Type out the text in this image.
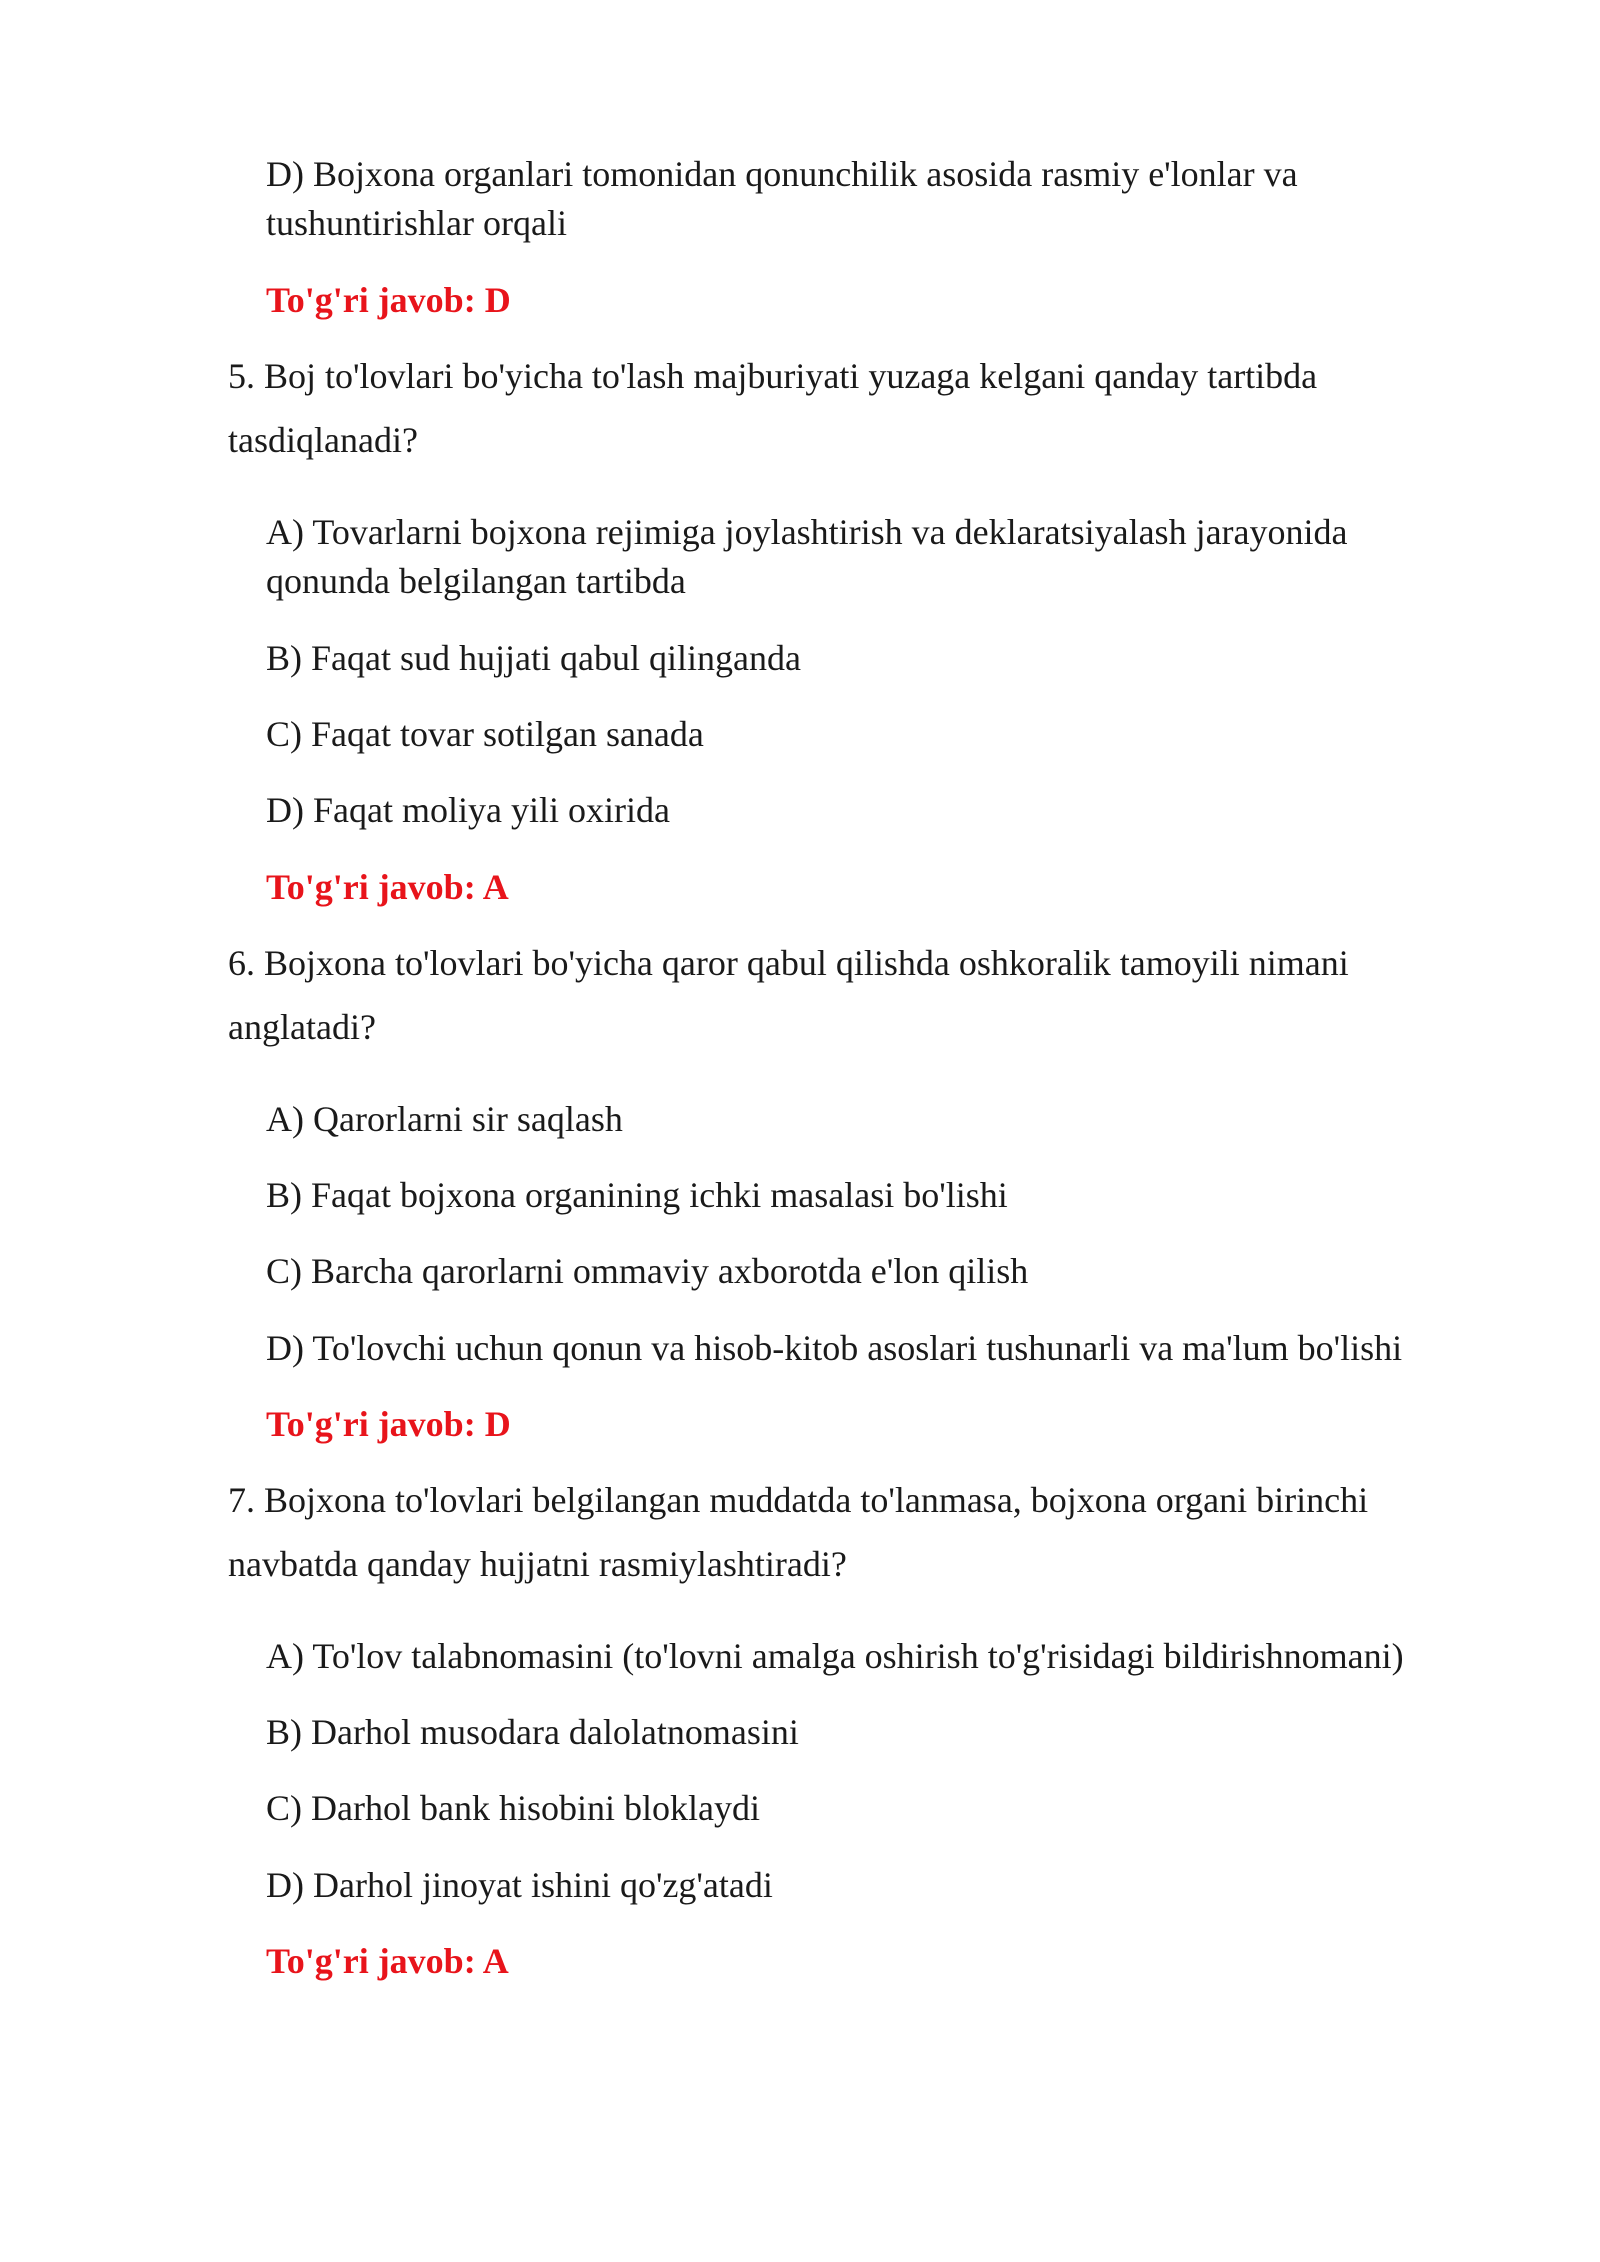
D) Bojxona organlari tomonidan qonunchilik asosida rasmiy e'lonlar va
tushuntirishlar orqali

To'g'ri javob: D

5. Boj to'lovlari bo'yicha to'lash majburiyati yuzaga kelgani qanday tartibda
tasdiqlanadi?

A) Tovarlarni bojxona rejimiga joylashtirish va deklaratsiyalash jarayonida
qonunda belgilangan tartibda

B) Faqat sud hujjati qabul qilinganda

C) Faqat tovar sotilgan sanada

D) Faqat moliya yili oxirida

To'g'ri javob: A

6. Bojxona to'lovlari bo'yicha qaror qabul qilishda oshkoralik tamoyili nimani
anglatadi?

A) Qarorlarni sir saqlash

B) Faqat bojxona organining ichki masalasi bo'lishi

C) Barcha qarorlarni ommaviy axborotda e'lon qilish

D) To'lovchi uchun qonun va hisob-kitob asoslari tushunarli va ma'lum bo'lishi

To'g'ri javob: D

7. Bojxona to'lovlari belgilangan muddatda to'lanmasa, bojxona organi birinchi
navbatda qanday hujjatni rasmiylashtiradi?

A) To'lov talabnomasini (to'lovni amalga oshirish to'g'risidagi bildirishnomani)

B) Darhol musodara dalolatnomasini

C) Darhol bank hisobini bloklaydi

D) Darhol jinoyat ishini qo'zg'atadi

To'g'ri javob: A
